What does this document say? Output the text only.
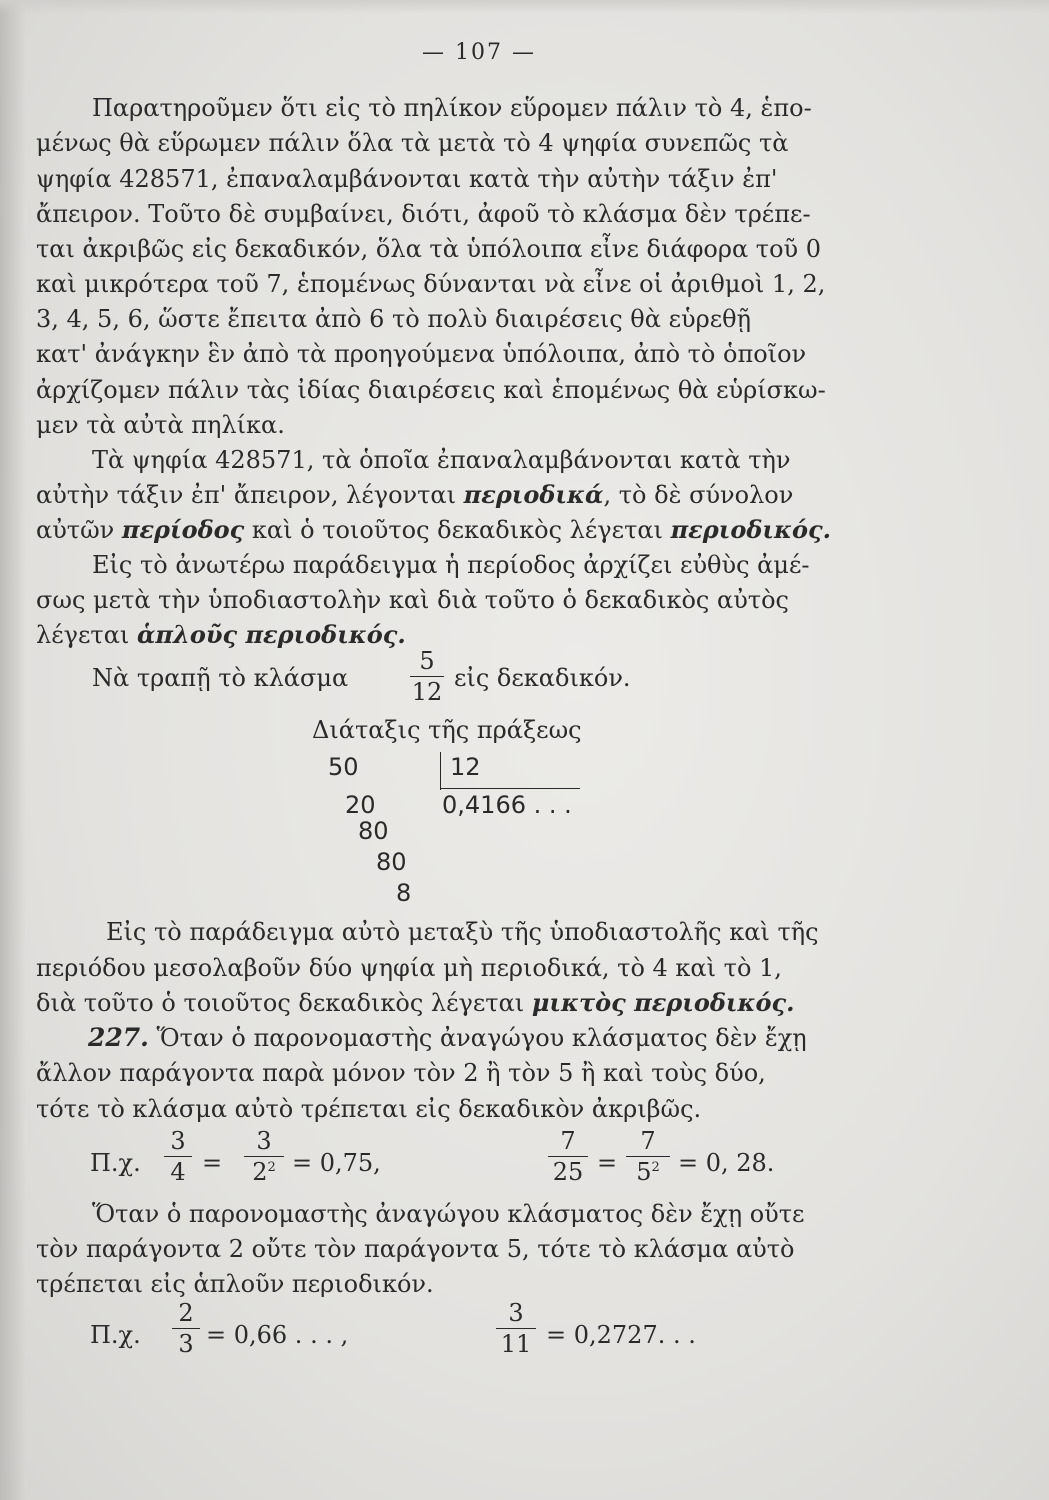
— 107 —
Παρατηροῦμεν ὅτι εἰς τὸ πηλίκον εὕρομεν πάλιν τὸ 4, ἑπο-
μένως θὰ εὕρωμεν πάλιν ὅλα τὰ μετὰ τὸ 4 ψηφία συνεπῶς τὰ
ψηφία 428571, ἐπαναλαμβάνονται κατὰ τὴν αὐτὴν τάξιν ἐπ'
ἄπειρον. Τοῦτο δὲ συμβαίνει, διότι, ἀφοῦ τὸ κλάσμα δὲν τρέπε-
ται ἀκριβῶς εἰς δεκαδικόν, ὅλα τὰ ὑπόλοιπα εἶνε διάφορα τοῦ 0
καὶ μικρότερα τοῦ 7, ἑπομένως δύνανται νὰ εἶνε οἱ ἀριθμοὶ 1, 2,
3, 4, 5, 6, ὥστε ἔπειτα ἀπὸ 6 τὸ πολὺ διαιρέσεις θὰ εὑρεθῇ
κατ' ἀνάγκην ἓν ἀπὸ τὰ προηγούμενα ὑπόλοιπα, ἀπὸ τὸ ὁποῖον
ἀρχίζομεν πάλιν τὰς ἰδίας διαιρέσεις καὶ ἑπομένως θὰ εὑρίσκω-
μεν τὰ αὐτὰ πηλίκα.
Τὰ ψηφία 428571, τὰ ὁποῖα ἐπαναλαμβάνονται κατὰ τὴν
αὐτὴν τάξιν ἐπ' ἄπειρον, λέγονται περιοδικά, τὸ δὲ σύνολον
αὐτῶν περίοδος καὶ ὁ τοιοῦτος δεκαδικὸς λέγεται περιοδικός.
Εἰς τὸ ἀνωτέρω παράδειγμα ἡ περίοδος ἀρχίζει εὐθὺς ἀμέ-
σως μετὰ τὴν ὑποδιαστολὴν καὶ διὰ τοῦτο ὁ δεκαδικὸς αὐτὸς
λέγεται ἁπλοῦς περιοδικός.
Νὰ τραπῇ τὸ κλάσμα
5
12 εἰς δεκαδικόν.
Διάταξις τῆς πράξεως
50	12
20	0,4166 . . .
80
80
8
Εἰς τὸ παράδειγμα αὐτὸ μεταξὺ τῆς ὑποδιαστολῆς καὶ τῆς
περιόδου μεσολαβοῦν δύο ψηφία μὴ περιοδικά, τὸ 4 καὶ τὸ 1,
διὰ τοῦτο ὁ τοιοῦτος δεκαδικὸς λέγεται μικτὸς περιοδικός.
227. Ὅταν ὁ παρονομαστὴς ἀναγώγου κλάσματος δὲν ἔχῃ
ἄλλον παράγοντα παρὰ μόνον τὸν 2 ἢ τὸν 5 ἢ καὶ τοὺς δύο,
τότε τὸ κλάσμα αὐτὸ τρέπεται εἰς δεκαδικὸν ἀκριβῶς.
Π.χ.
3
4 =
3
$2^2 = 0,75$,
7
25 =
7
$5^2 = 0$, 28.
Ὅταν ὁ παρονομαστὴς ἀναγώγου κλάσματος δὲν ἔχῃ οὔτε
τὸν παράγοντα 2 οὔτε τὸν παράγοντα 5, τότε τὸ κλάσμα αὐτὸ
τρέπεται εἰς ἁπλοῦν περιοδικόν.
Π.χ.
2
3 = 0,66 . . . ,
3
11 = 0,2727. . .
